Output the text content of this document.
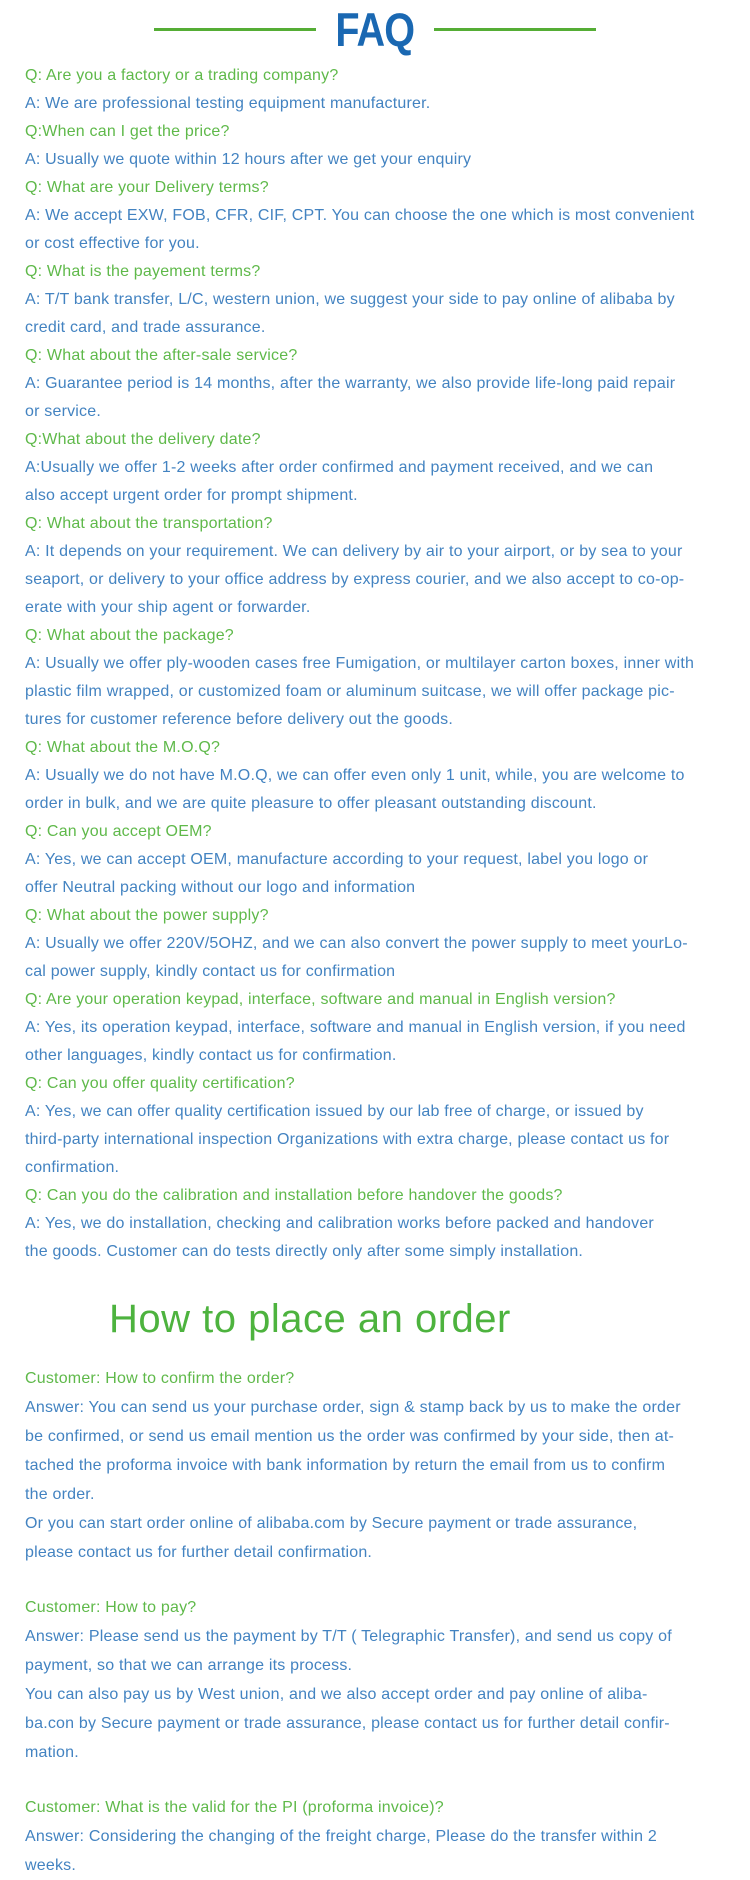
FAQ
Q: Are you a factory or a trading company?
A: We are professional testing equipment manufacturer.
Q:When can I get the price?
A: Usually we quote within 12 hours after we get your enquiry
Q: What are your Delivery terms?
A: We accept EXW, FOB, CFR, CIF, CPT. You can choose the one which is most convenient
or cost effective for you.
Q: What is the payement terms?
A: T/T bank transfer, L/C, western union, we suggest your side to pay online of alibaba by
credit card, and trade assurance.
Q: What about the after-sale service?
A: Guarantee period is 14 months, after the warranty, we also provide life-long paid repair
or service.
Q:What about the delivery date?
A:Usually we offer 1-2 weeks after order confirmed and payment received, and we can
also accept urgent order for prompt shipment.
Q: What about the transportation?
A: It depends on your requirement. We can delivery by air to your airport, or by sea to your
seaport, or delivery to your office address by express courier, and we also accept to co-op-
erate with your ship agent or forwarder.
Q: What about the package?
A: Usually we offer ply-wooden cases free Fumigation, or multilayer carton boxes, inner with
plastic film wrapped, or customized foam or aluminum suitcase, we will offer package pic-
tures for customer reference before delivery out the goods.
Q: What about the M.O.Q?
A: Usually we do not have M.O.Q, we can offer even only 1 unit, while, you are welcome to
order in bulk, and we are quite pleasure to offer pleasant outstanding discount.
Q: Can you accept OEM?
A: Yes, we can accept OEM, manufacture according to your request, label you logo or
offer Neutral packing without our logo and information
Q: What about the power supply?
A: Usually we offer 220V/5OHZ, and we can also convert the power supply to meet yourLo-
cal power supply, kindly contact us for confirmation
Q: Are your operation keypad, interface, software and manual in English version?
A: Yes, its operation keypad, interface, software and manual in English version, if you need
other languages, kindly contact us for confirmation.
Q: Can you offer quality certification?
A: Yes, we can offer quality certification issued by our lab free of charge, or issued by
third-party international inspection Organizations with extra charge, please contact us for
confirmation.
Q: Can you do the calibration and installation before handover the goods?
A: Yes, we do installation, checking and calibration works before packed and handover
the goods. Customer can do tests directly only after some simply installation.
How to place an order
Customer: How to confirm the order?
Answer: You can send us your purchase order, sign & stamp back by us to make the order
be confirmed, or send us email mention us the order was confirmed by your side, then at-
tached the proforma invoice with bank information by return the email from us to confirm
the order.
Or you can start order online of alibaba.com by Secure payment or trade assurance,
please contact us for further detail confirmation.
Customer: How to pay?
Answer: Please send us the payment by T/T ( Telegraphic Transfer), and send us copy of
payment, so that we can arrange its process.
You can also pay us by West union, and we also accept order and pay online of aliba-
ba.con by Secure payment or trade assurance, please contact us for further detail confir-
mation.
Customer: What is the valid for the PI (proforma invoice)?
Answer: Considering the changing of the freight charge, Please do the transfer within 2
weeks.
